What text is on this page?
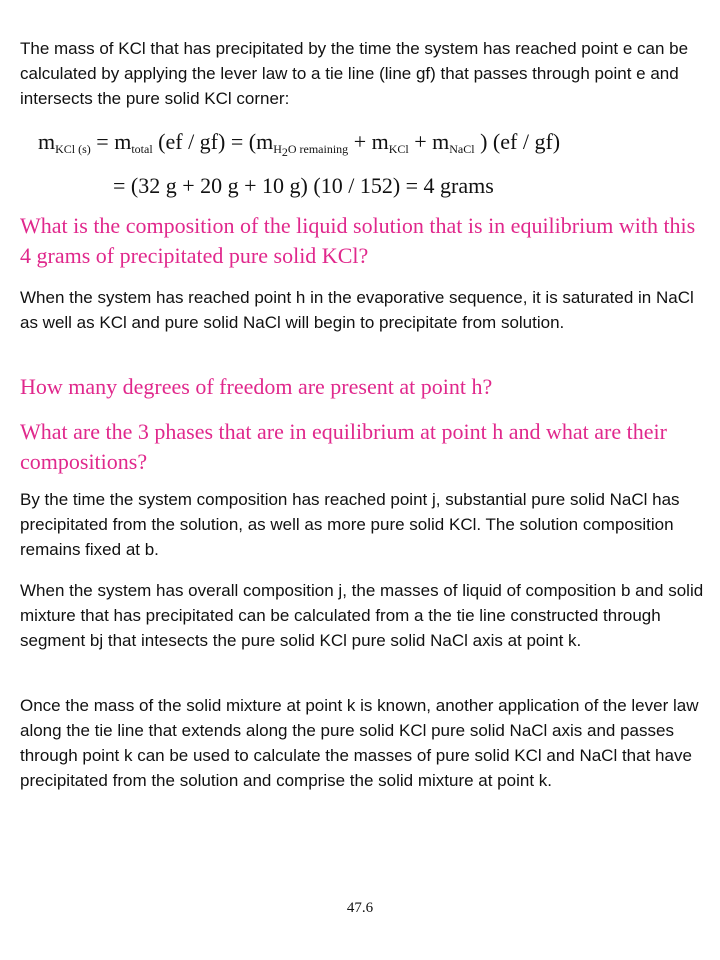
The mass of KCl that has precipitated by the time the system has reached point e can be calculated by applying the lever law to a tie line (line gf) that passes through point e and intersects the pure solid KCl corner:

$m_{KCl (s)} = m_{total}$ $(ef / gf) = (m_{H_2O remaining} + m_{KCl} + m_{NaCl}$ ) (ef / gf)
= (32 g + 20 g + 10 g) (10 / 152) = 4 grams

What is the composition of the liquid solution that is in equilibrium with this 4 grams of precipitated pure solid KCl?

When the system has reached point h in the evaporative sequence, it is saturated in NaCl as well as KCl and pure solid NaCl will begin to precipitate from solution.

How many degrees of freedom are present at point h?

What are the 3 phases that are in equilibrium at point h and what are their compositions?

By the time the system composition has reached point j, substantial pure solid NaCl has precipitated from the solution, as well as more pure solid KCl. The solution composition remains fixed at b.

When the system has overall composition j, the masses of liquid of composition b and solid mixture that has precipitated can be calculated from a the tie line constructed through segment bj that intesects the pure solid KCl pure solid NaCl axis at point k.

Once the mass of the solid mixture at point k is known, another application of the lever law along the tie line that extends along the pure solid KCl pure solid NaCl axis and passes through point k can be used to calculate the masses of pure solid KCl and NaCl that have precipitated from the solution and comprise the solid mixture at point k.

47.6
